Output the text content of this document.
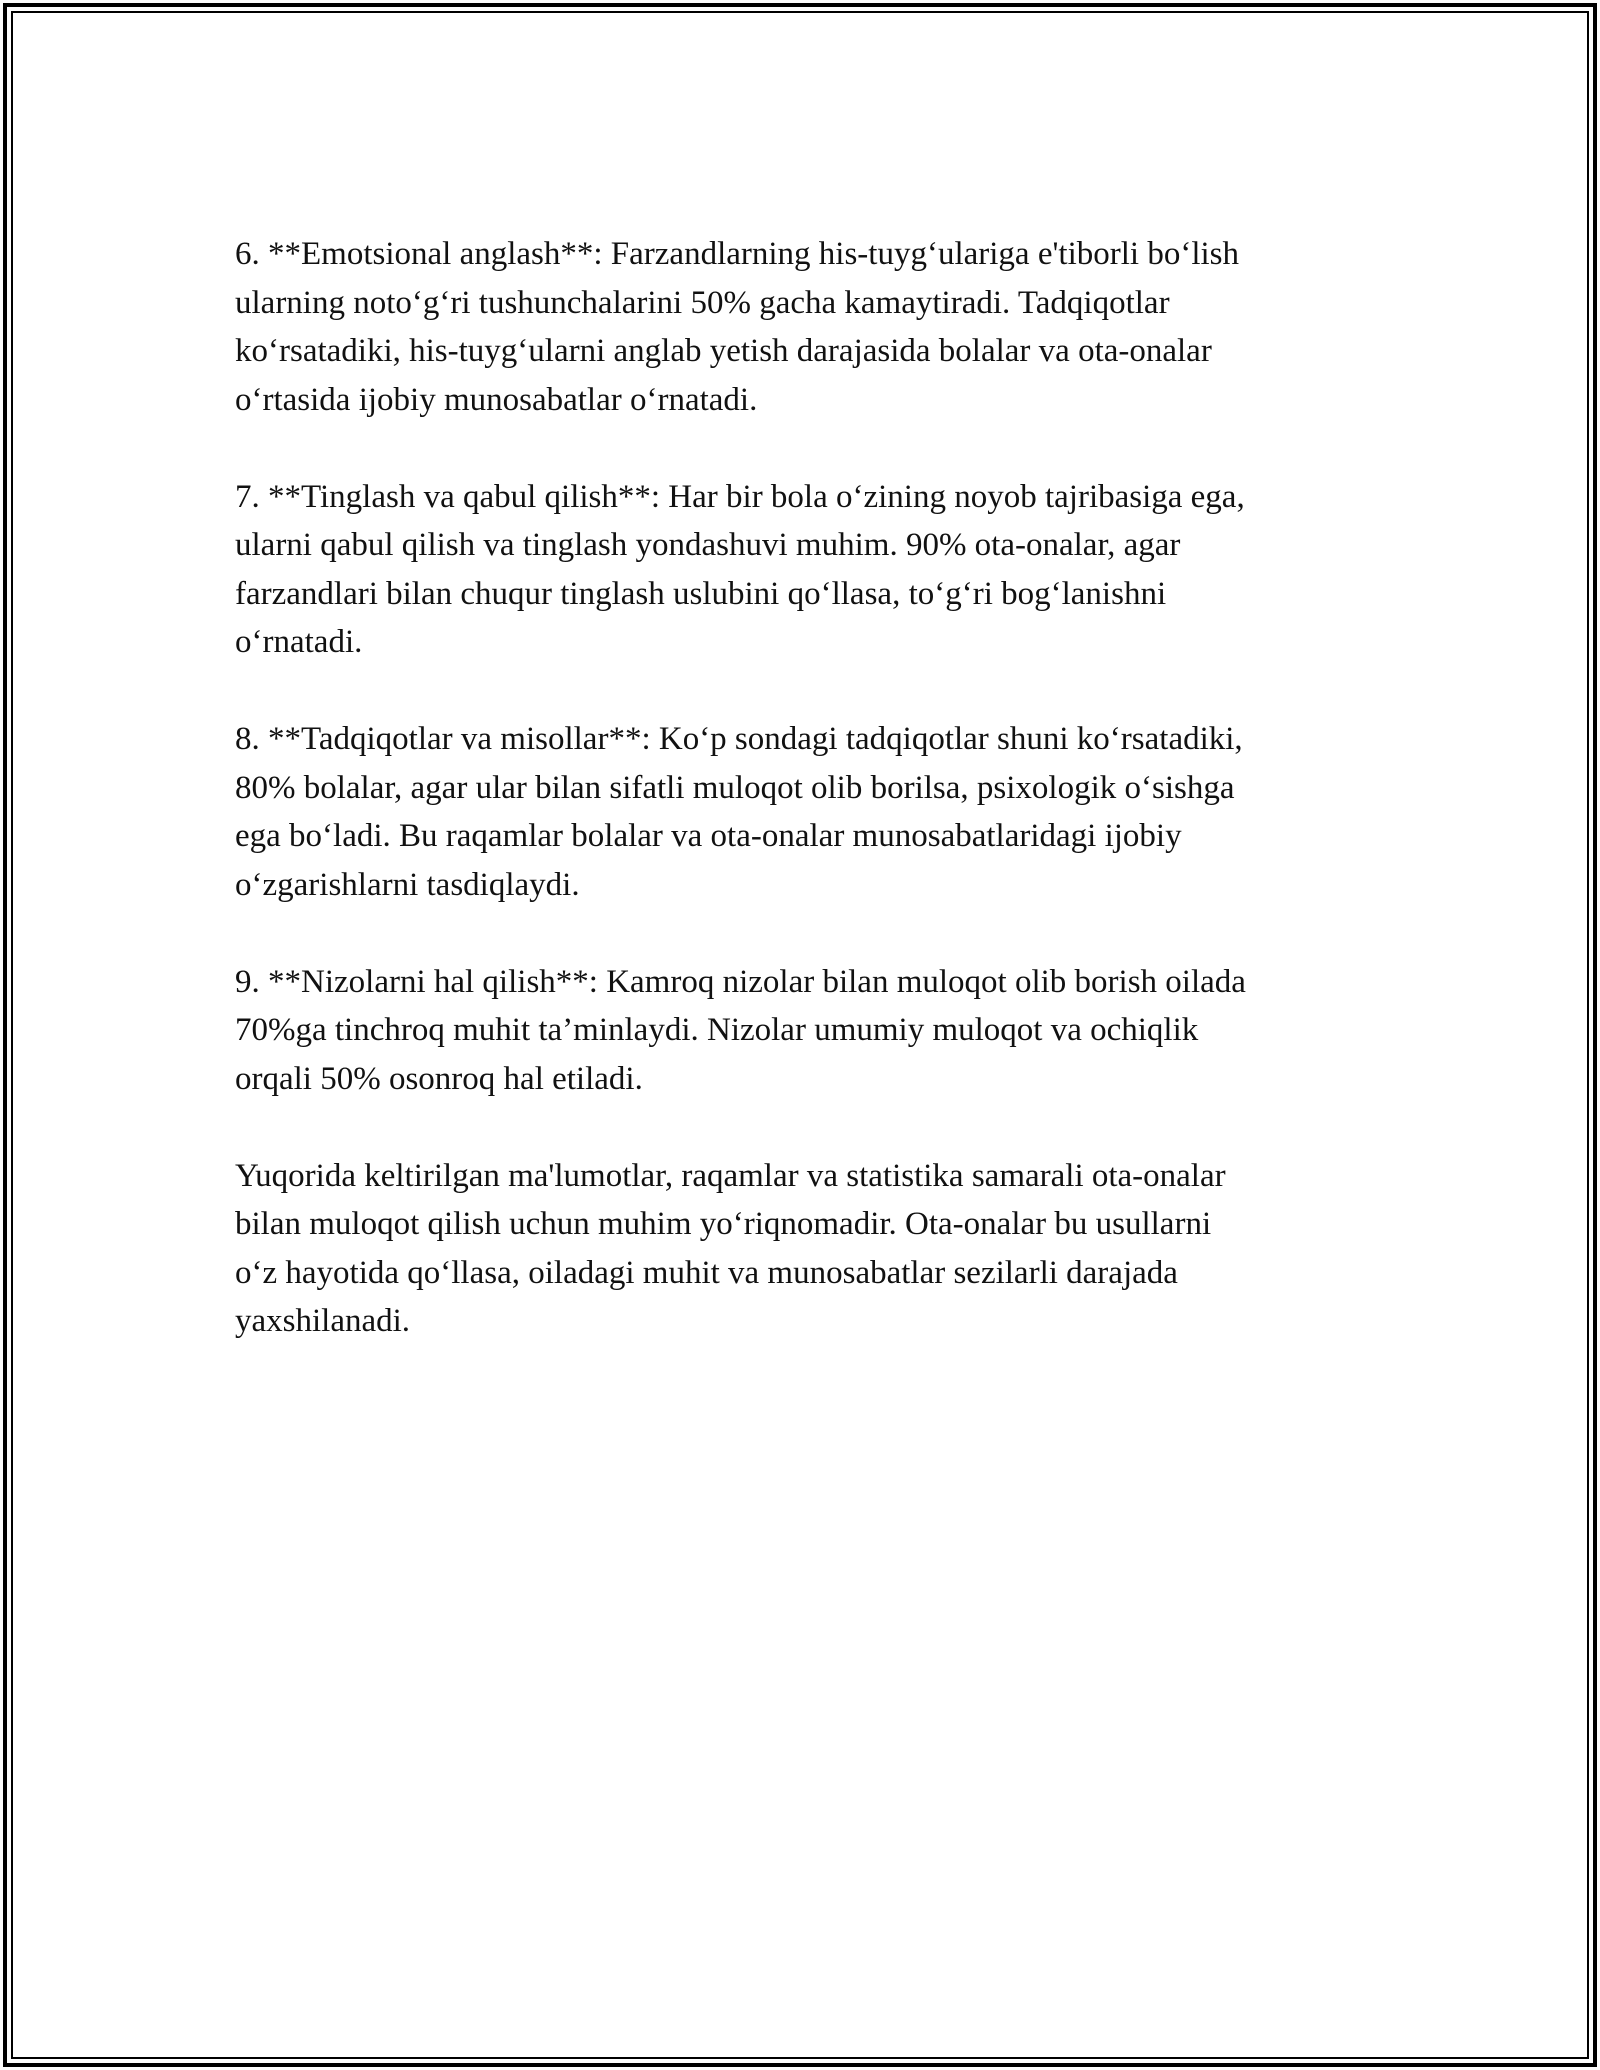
6. **Emotsional anglash**: Farzandlarning his-tuyg‘ulariga e'tiborli bo‘lish
ularning noto‘g‘ri tushunchalarini 50% gacha kamaytiradi. Tadqiqotlar
ko‘rsatadiki, his-tuyg‘ularni anglab yetish darajasida bolalar va ota-onalar
o‘rtasida ijobiy munosabatlar o‘rnatadi.

7. **Tinglash va qabul qilish**: Har bir bola o‘zining noyob tajribasiga ega,
ularni qabul qilish va tinglash yondashuvi muhim. 90% ota-onalar, agar
farzandlari bilan chuqur tinglash uslubini qo‘llasa, to‘g‘ri bog‘lanishni
o‘rnatadi.

8. **Tadqiqotlar va misollar**: Ko‘p sondagi tadqiqotlar shuni ko‘rsatadiki,
80% bolalar, agar ular bilan sifatli muloqot olib borilsa, psixologik o‘sishga
ega bo‘ladi. Bu raqamlar bolalar va ota-onalar munosabatlaridagi ijobiy
o‘zgarishlarni tasdiqlaydi.

9. **Nizolarni hal qilish**: Kamroq nizolar bilan muloqot olib borish oilada
70%ga tinchroq muhit ta’minlaydi. Nizolar umumiy muloqot va ochiqlik
orqali 50% osonroq hal etiladi.

Yuqorida keltirilgan ma'lumotlar, raqamlar va statistika samarali ota-onalar
bilan muloqot qilish uchun muhim yo‘riqnomadir. Ota-onalar bu usullarni
o‘z hayotida qo‘llasa, oiladagi muhit va munosabatlar sezilarli darajada
yaxshilanadi.
